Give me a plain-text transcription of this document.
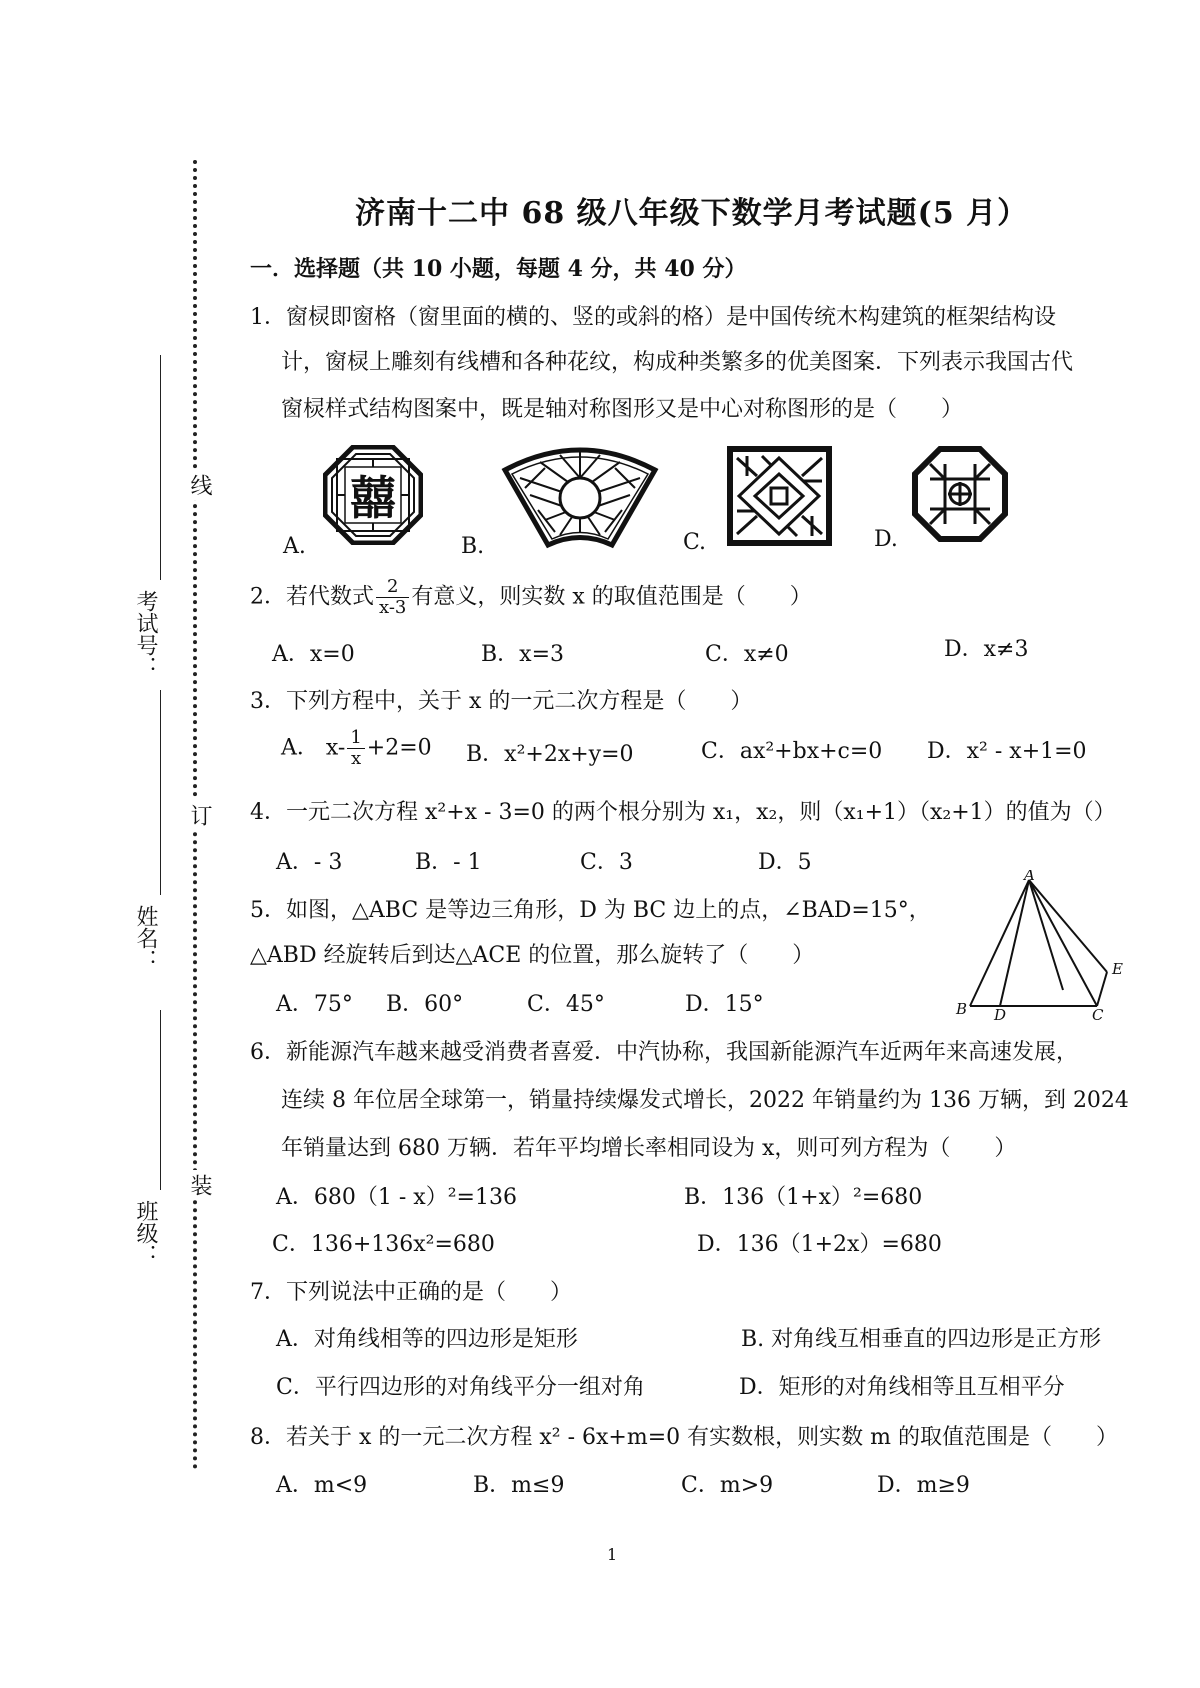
线
订
装
考试号：
姓名：
班级：
济南十二中 68 级八年级下数学月考试题(5 月）
一．选择题（共 10 小题，每题 4 分，共 40 分）
1．窗棂即窗格（窗里面的横的、竖的或斜的格）是中国传统木构建筑的框架结构设
计，窗棂上雕刻有线槽和各种花纹，构成种类繁多的优美图案．下列表示我国古代
窗棂样式结构图案中，既是轴对称图形又是中心对称图形的是（　　）
囍
A.	B.	C.	D.
2．若代数式 $\frac{2}{x-3}$ 有意义，则实数 x 的取值范围是（　　）
A．x=0	B．x=3	C．x≠0	D．x≠3
3．下列方程中，关于 x 的一元二次方程是（　　）
A． $x- \frac{1}{x} +2=0$ B．x²+2x+y=0	C．ax²+bx+c=0 D．x² - x+1=0
4．一元二次方程 x²+x - 3=0 的两个根分别为 x₁，x₂，则（x₁+1）（x₂+1）的值为（）
A．- 3	B．- 1	C．3	D．5
5．如图，△ABC 是等边三角形，D 为 BC 边上的点，∠BAD=15°，
△ABD 经旋转后到达△ACE 的位置，那么旋转了（　　）
A．75° B．60°	C．45°	D．15°
A
B D	C
E
6．新能源汽车越来越受消费者喜爱．中汽协称，我国新能源汽车近两年来高速发展，
连续 8 年位居全球第一，销量持续爆发式增长，2022 年销量约为 136 万辆，到 2024
年销量达到 680 万辆．若年平均增长率相同设为 x，则可列方程为（　　）
A．680（1 - x）²=136	B．136（1+x）²=680
C．136+136x²=680	D．136（1+2x）=680
7．下列说法中正确的是（　　）
A．对角线相等的四边形是矩形	B. 对角线互相垂直的四边形是正方形
C．平行四边形的对角线平分一组对角	D．矩形的对角线相等且互相平分
8．若关于 x 的一元二次方程 x² - 6x+m=0 有实数根，则实数 m 的取值范围是（　　）
A．m<9	B．m≤9	C．m>9	D．m≥9
1
